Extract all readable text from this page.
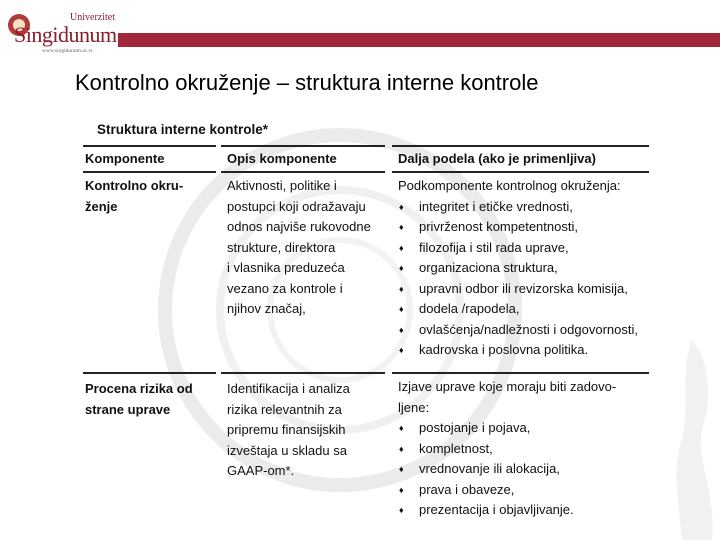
Univerzitet
Singidunum
www.singidunum.ac.rs
Kontrolno okruženje – struktura interne kontrole
Struktura interne kontrole*
Komponente	Opis komponente	Dalja podela (ako je primenljiva)
Kontrolno okru-
ženje
Aktivnosti, politike i
postupci koji odražavaju
odnos najviše rukovodne
strukture, direktora
i vlasnika preduzeća
vezano za kontrole i
njihov značaj,
Podkomponente kontrolnog okruženja:
♦ integritet i etičke vrednosti,
♦ privrženost kompetentnosti,
♦ filozofija i stil rada uprave,
♦ organizaciona struktura,
♦ upravni odbor ili revizorska komisija,
♦ dodela /rapodela,
♦ ovlašćenja/nadležnosti i odgovornosti,
♦ kadrovska i poslovna politika.
Procena rizika od
strane uprave
Identifikacija i analiza
rizika relevantnih za
pripremu finansijskih
izveštaja u skladu sa
GAAP-om*.
Izjave uprave koje moraju biti zadovo-
ljene:
♦ postojanje i pojava,
♦ kompletnost,
♦ vrednovanje ili alokacija,
♦ prava i obaveze,
♦ prezentacija i objavljivanje.
